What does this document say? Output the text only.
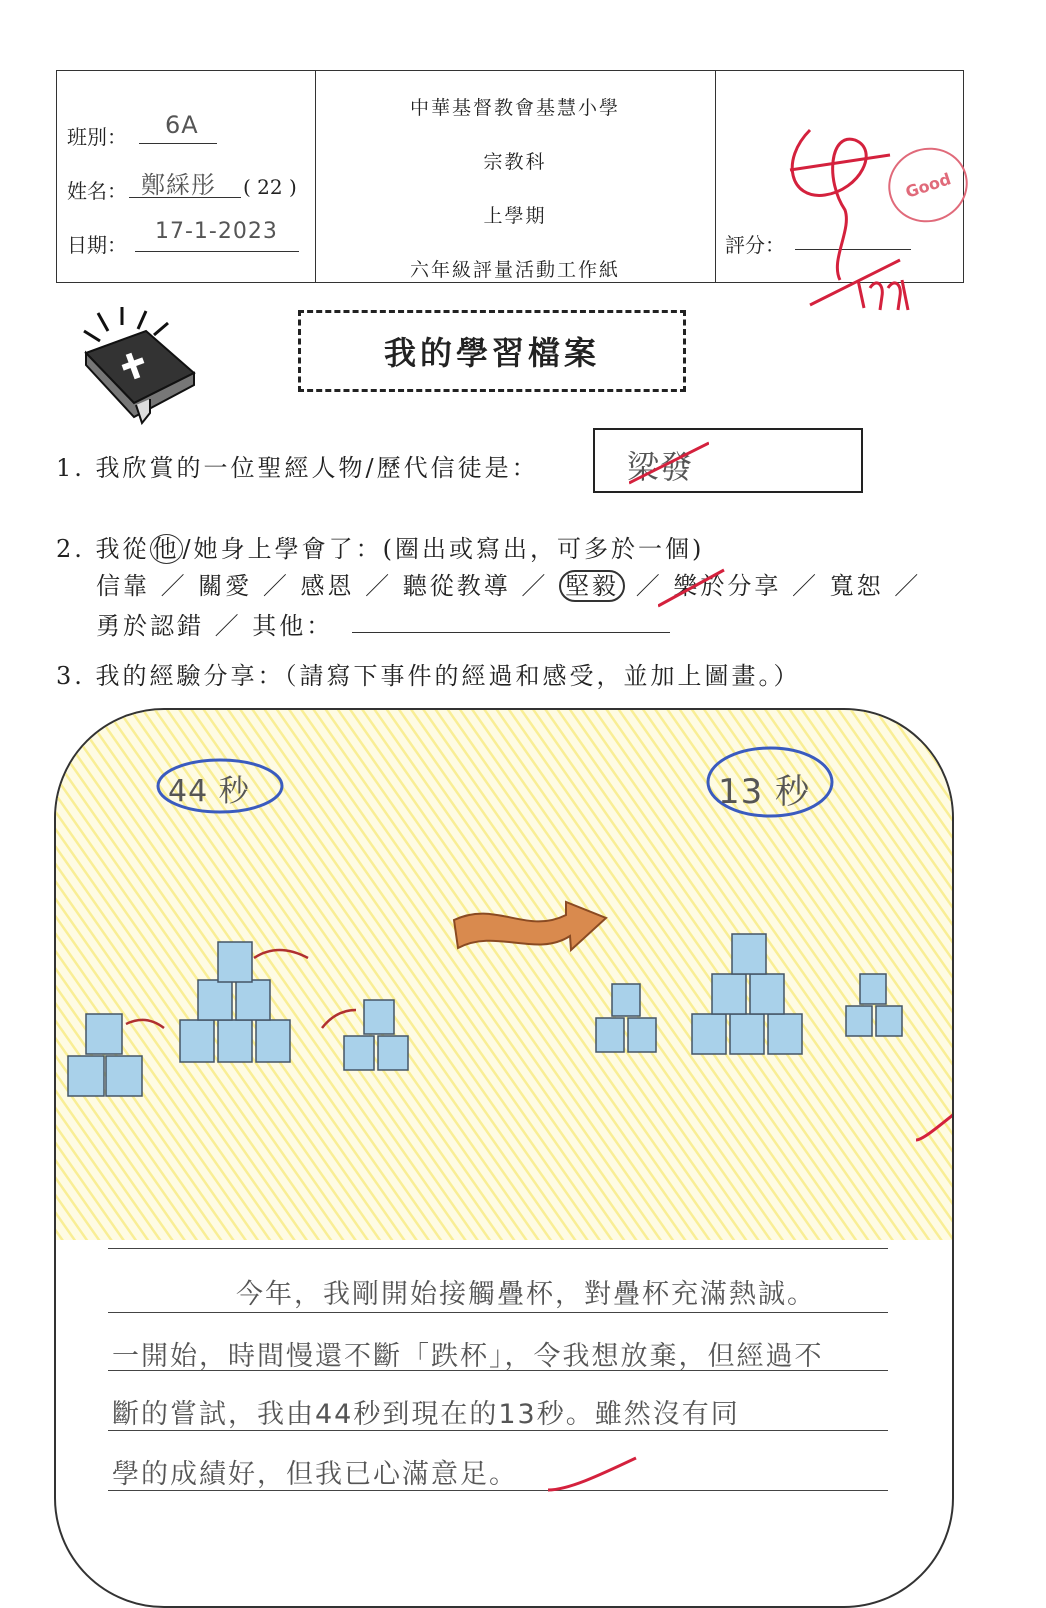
班別： 6A
姓名： 鄭綵彤 ( 22 )
日期：
17-1-2023
中華基督教會基慧小學
宗教科
上學期
六年級評量活動工作紙
評分：
Good
我的學習檔案
1. 我欣賞的一位聖經人物/歷代信徒是：	梁發
2. 我從 他 /她身上學會了：(圈出或寫出，可多於一個)
信靠 ／ 關愛 ／ 感恩 ／ 聽從教導 ／ 堅毅 ／ 樂於分享 ／ 寬恕 ／
勇於認錯 ／ 其他：
3. 我的經驗分享：（請寫下事件的經過和感受，並加上圖畫。）
44 秒	13 秒
今年，我剛開始接觸疊杯，對疊杯充滿熱誠。
一開始，時間慢還不斷「跌杯」，令我想放棄，但經過不
斷的嘗試，我由44秒到現在的13秒。雖然沒有同
學的成績好，但我已心滿意足。
